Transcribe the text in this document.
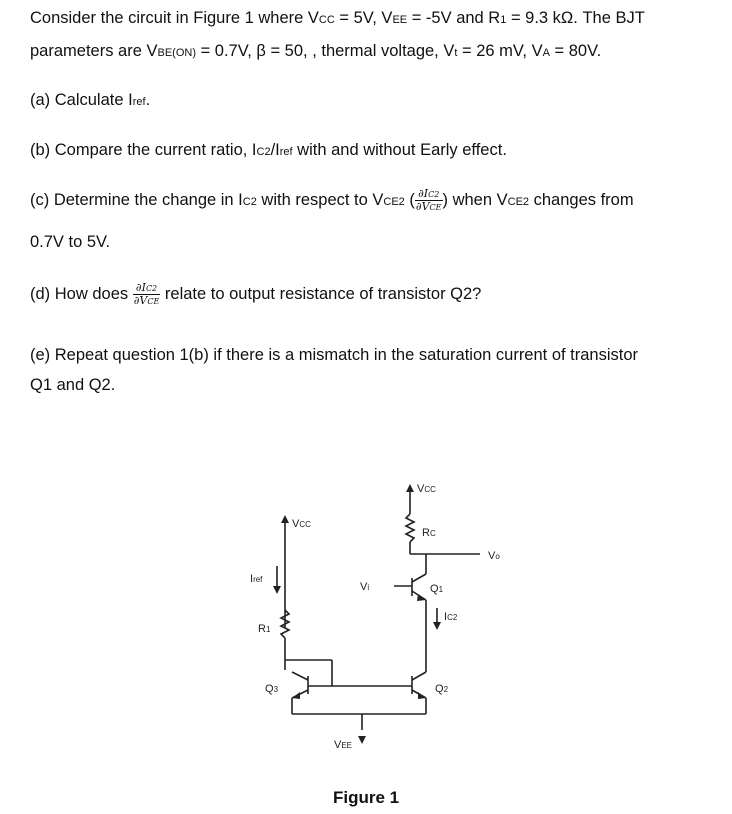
Consider the circuit in Figure 1 where VCC = 5V, VEE = -5V and R1 = 9.3 kΩ. The BJT
parameters are VBE(ON) = 0.7V, β = 50, , thermal voltage, Vt = 26 mV, VA = 80V.
(a) Calculate Iref.
(b) Compare the current ratio, IC2/Iref with and without Early effect.
(c) Determine the change in IC2 with respect to VCE2 ( $\frac{\partial IC2}{\text{∂VCE}}$ ) when VCE2 changes from
0.7V to 5V.
(d) How does $\frac{\partial IC2}{\text{∂VCE}}$ relate to output resistance of transistor Q2?
(e) Repeat question 1(b) if there is a mismatch in the saturation current of transistor
Q1 and Q2.
VCC
VCC
RC
Vo
Iref
Vi	Q1
IC2
R1
Q3	Q2
VEE
Figure 1
